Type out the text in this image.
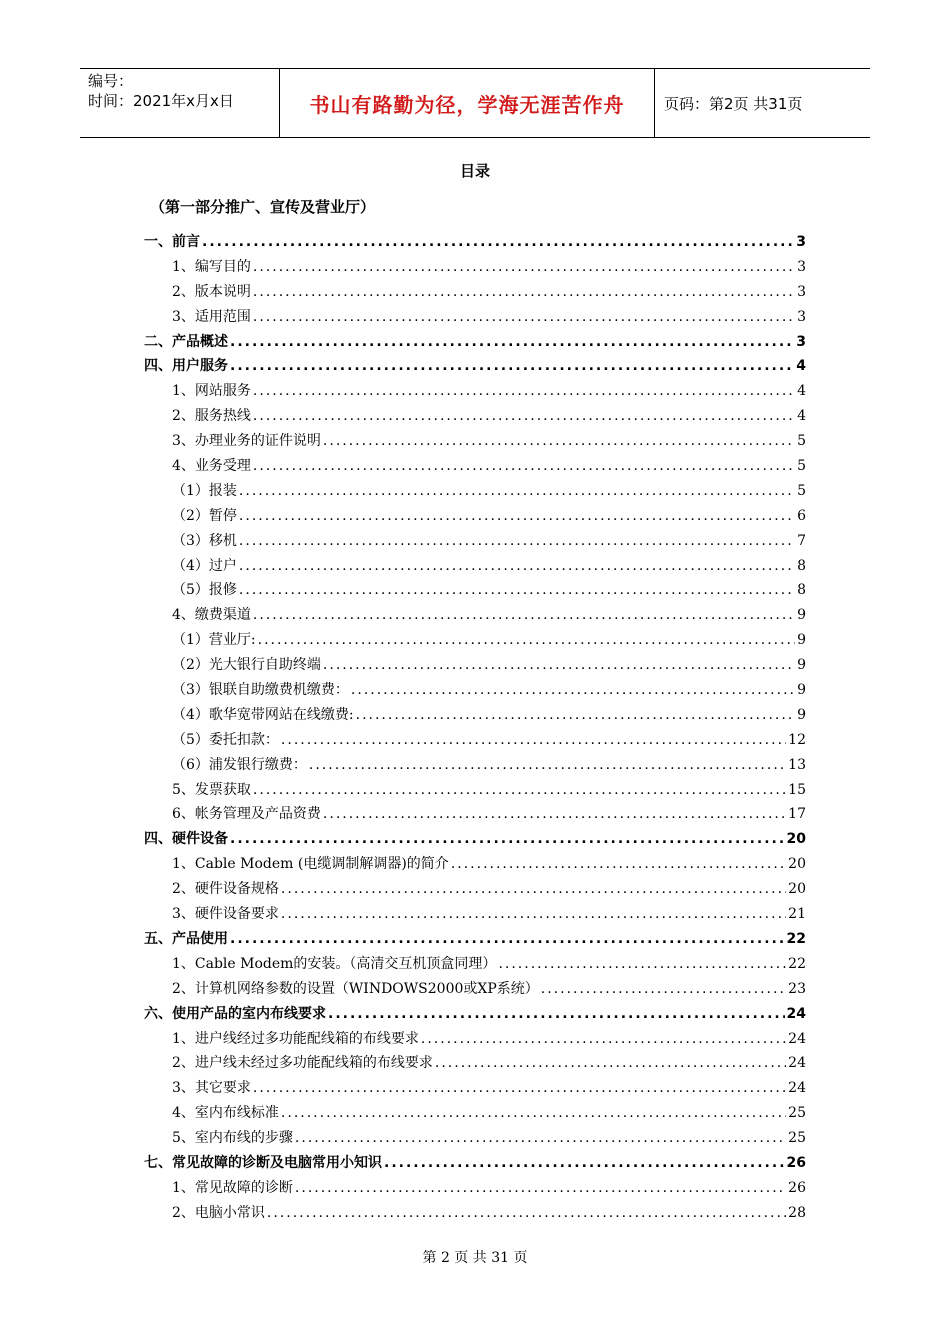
编号：
时间：2021年x月x日	书山有路勤为径，学海无涯苦作舟	页码：第2页 共31页
目录
（第一部分推广、宣传及营业厅）
一、前言 .....	3
1、编写目的 .....	3
2、版本说明 .....	3
3、适用范围 .....	3
二、产品概述 .....	3
四、用户服务 .....	4
1、网站服务 .....	4
2、服务热线 .....	4
3、办理业务的证件说明 .....	5
4、业务受理 .....	5
（1）报装 .....	5
（2）暂停 .....	6
（3）移机 .....	7
（4）过户 .....	8
（5）报修 .....	8
4、缴费渠道 .....	9
（1）营业厅: .....	9
（2）光大银行自助终端 .....	9
（3）银联自助缴费机缴费： .....	9
（4）歌华宽带网站在线缴费: .....	9
（5）委托扣款： .....	12
（6）浦发银行缴费： .....	13
5、发票获取 .....	15
6、帐务管理及产品资费 .....	17
四、硬件设备 .....	20
1、Cable Modem (电缆调制解调器)的简介 .....	20
2、硬件设备规格 .....	20
3、硬件设备要求 .....	21
五、产品使用 .....	22
1、Cable Modem的安装。（高清交互机顶盒同理） .....	22
2、计算机网络参数的设置（WINDOWS2000或XP系统） .....	23
六、使用产品的室内布线要求 .....	24
1、进户线经过多功能配线箱的布线要求 .....	24
2、进户线未经过多功能配线箱的布线要求 .....	24
3、其它要求 .....	24
4、室内布线标准 .....	25
5、室内布线的步骤 .....	25
七、常见故障的诊断及电脑常用小知识 .....	26
1、常见故障的诊断 .....	26
2、电脑小常识 .....	28
第 2 页 共 31 页
